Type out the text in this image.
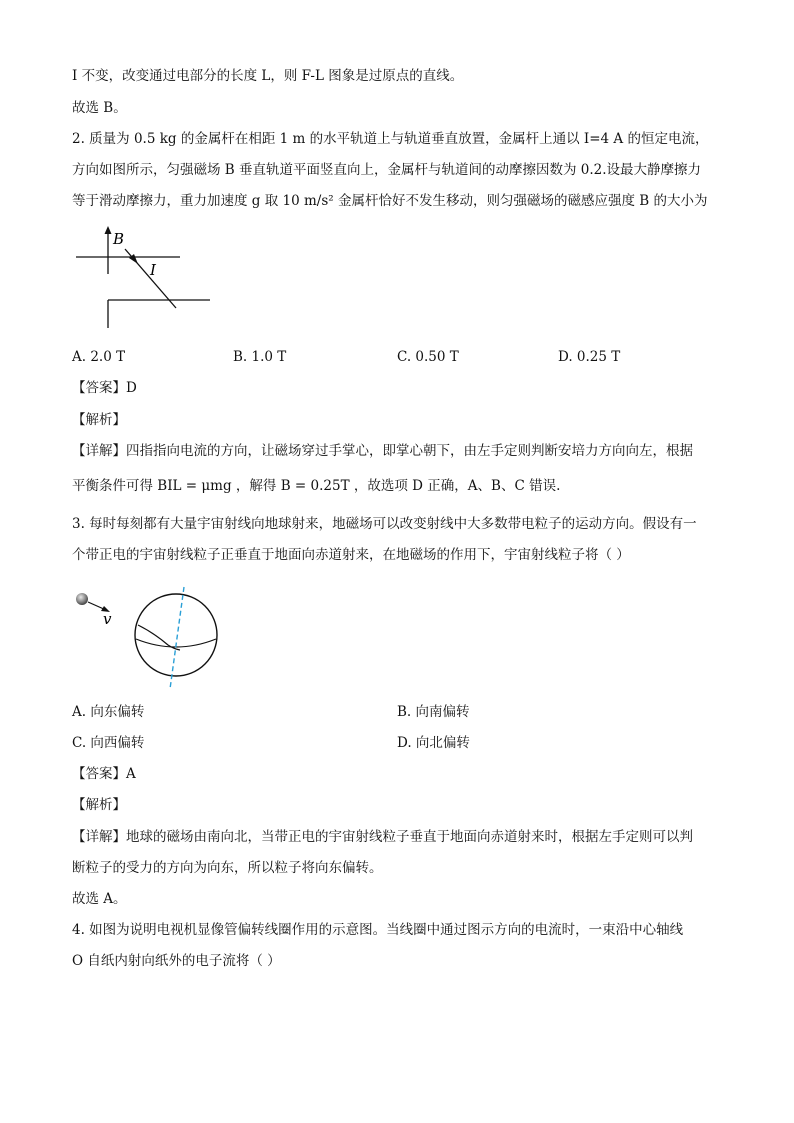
I 不变，改变通过电部分的长度 L，则 F-L 图象是过原点的直线。
故选 B。
2. 质量为 0.5 kg 的金属杆在相距 1 m 的水平轨道上与轨道垂直放置，金属杆上通以 I=4 A 的恒定电流，
方向如图所示，匀强磁场 B 垂直轨道平面竖直向上，金属杆与轨道间的动摩擦因数为 0.2.设最大静摩擦力
等于滑动摩擦力，重力加速度 g 取 10 m/s² 金属杆恰好不发生移动，则匀强磁场的磁感应强度 B 的大小为
B
I
A. 2.0 T	B. 1.0 T	C. 0.50 T	D. 0.25 T
【答案】D
【解析】
【详解】四指指向电流的方向，让磁场穿过手掌心，即掌心朝下，由左手定则判断安培力方向向左，根据
平衡条件可得 BIL = μmg ，解得 B = 0.25T ，故选项 D 正确，A、B、C 错误.
3. 每时每刻都有大量宇宙射线向地球射来，地磁场可以改变射线中大多数带电粒子的运动方向。假设有一
个带正电的宇宙射线粒子正垂直于地面向赤道射来，在地磁场的作用下，宇宙射线粒子将（ ）
v
A. 向东偏转	B. 向南偏转
C. 向西偏转	D. 向北偏转
【答案】A
【解析】
【详解】地球的磁场由南向北，当带正电的宇宙射线粒子垂直于地面向赤道射来时，根据左手定则可以判
断粒子的受力的方向为向东，所以粒子将向东偏转。
故选 A。
4. 如图为说明电视机显像管偏转线圈作用的示意图。当线圈中通过图示方向的电流时，一束沿中心轴线
O 自纸内射向纸外的电子流将（ ）
